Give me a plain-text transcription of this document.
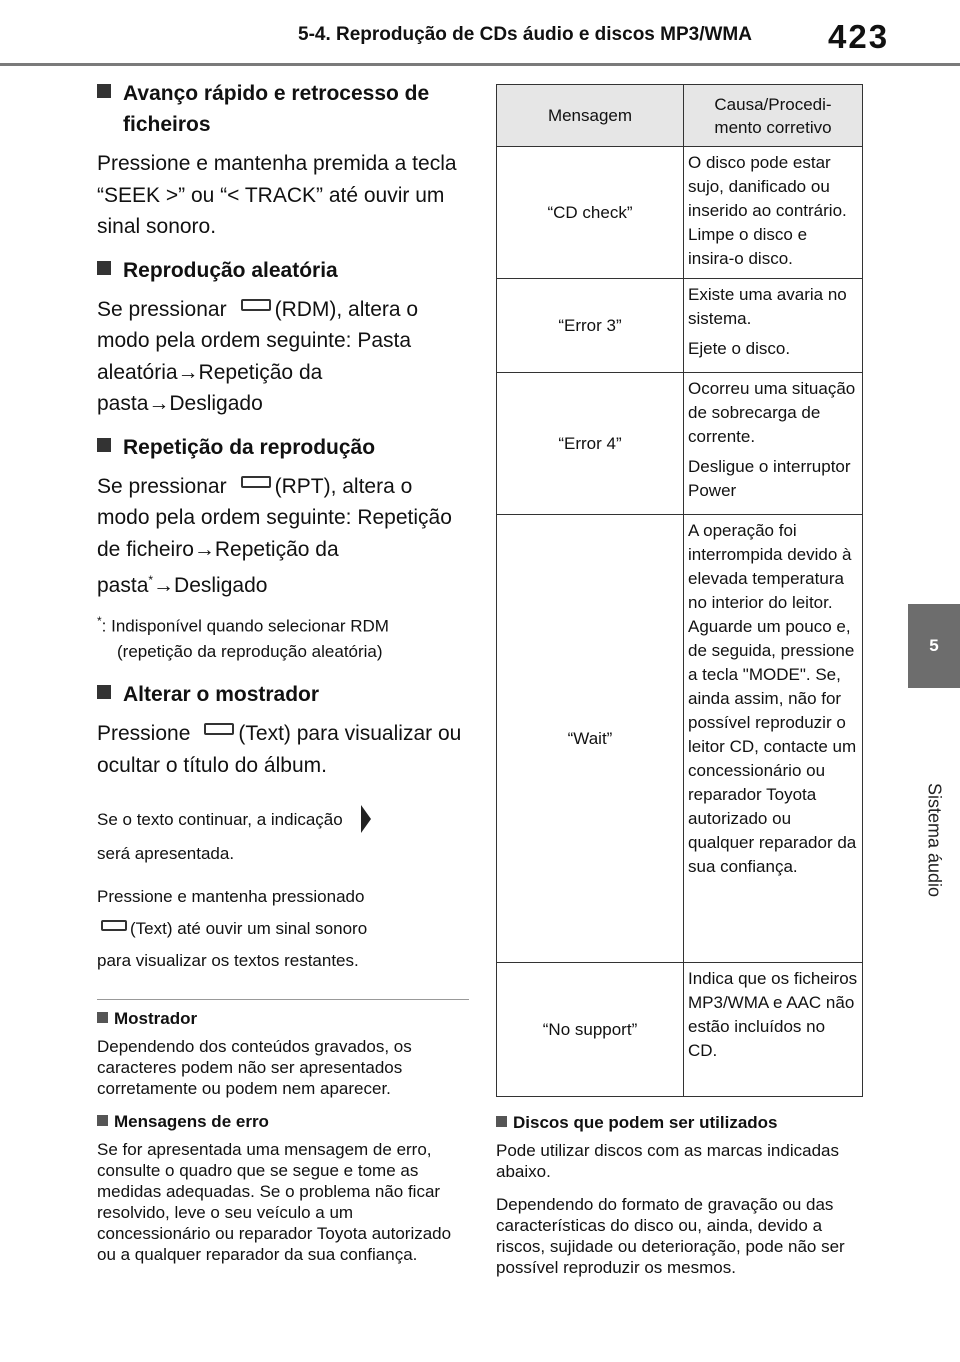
5-4. Reprodução de CDs áudio e discos MP3/WMA 423
5
Sistema áudio
Avanço rápido e retrocesso de
ficheiros

Pressione e mantenha premida a tecla “SEEK >” ou “< TRACK” até ouvir um sinal sonoro.

Reprodução aleatória

Se pressionar (RDM), altera o modo pela ordem seguinte: Pasta aleatória→Repetição da pasta→Desligado

Repetição da reprodução

Se pressionar (RPT), altera o modo pela ordem seguinte: Repetição de ficheiro→Repetição da pasta*→Desligado

*: Indisponível quando selecionar RDM
(repetição da reprodução aleatória)
Alterar o mostrador

Pressione (Text) para visualizar ou ocultar o título do álbum.

Se o texto continuar, a indicação
será apresentada.

Pressione e mantenha pressionado
(Text) até ouvir um sinal sonoro
para visualizar os textos restantes.

Mostrador

Dependendo dos conteúdos gravados, os caracteres podem não ser apresentados corretamente ou podem nem aparecer.

Mensagens de erro

Se for apresentada uma mensagem de erro, consulte o quadro que se segue e tome as medidas adequadas. Se o problema não ficar resolvido, leve o seu veículo a um concessionário ou reparador Toyota autorizado ou a qualquer reparador da sua confiança.

Mensagem	Causa/Procedi-
mento corretivo
“CD check”	O disco pode estar sujo, danificado ou inserido ao contrário. Limpe o disco e insira-o disco.

“Error 3”	Existe uma avaria no sistema.

Ejete o disco.

“Error 4”	Ocorreu uma situação de sobrecarga de corrente.

Desligue o interruptor Power

“Wait”	A operação foi interrompida devido à elevada temperatura no interior do leitor. Aguarde um pouco e, de seguida, pressione a tecla "MODE". Se, ainda assim, não for possível reproduzir o leitor CD, contacte um concessionário ou reparador Toyota autorizado ou qualquer reparador da sua confiança.

“No support”	Indica que os ficheiros MP3/WMA e AAC não estão incluídos no CD.

Discos que podem ser utilizados

Pode utilizar discos com as marcas indicadas abaixo.

Dependendo do formato de gravação ou das características do disco ou, ainda, devido a riscos, sujidade ou deterioração, pode não ser possível reproduzir os mesmos.
